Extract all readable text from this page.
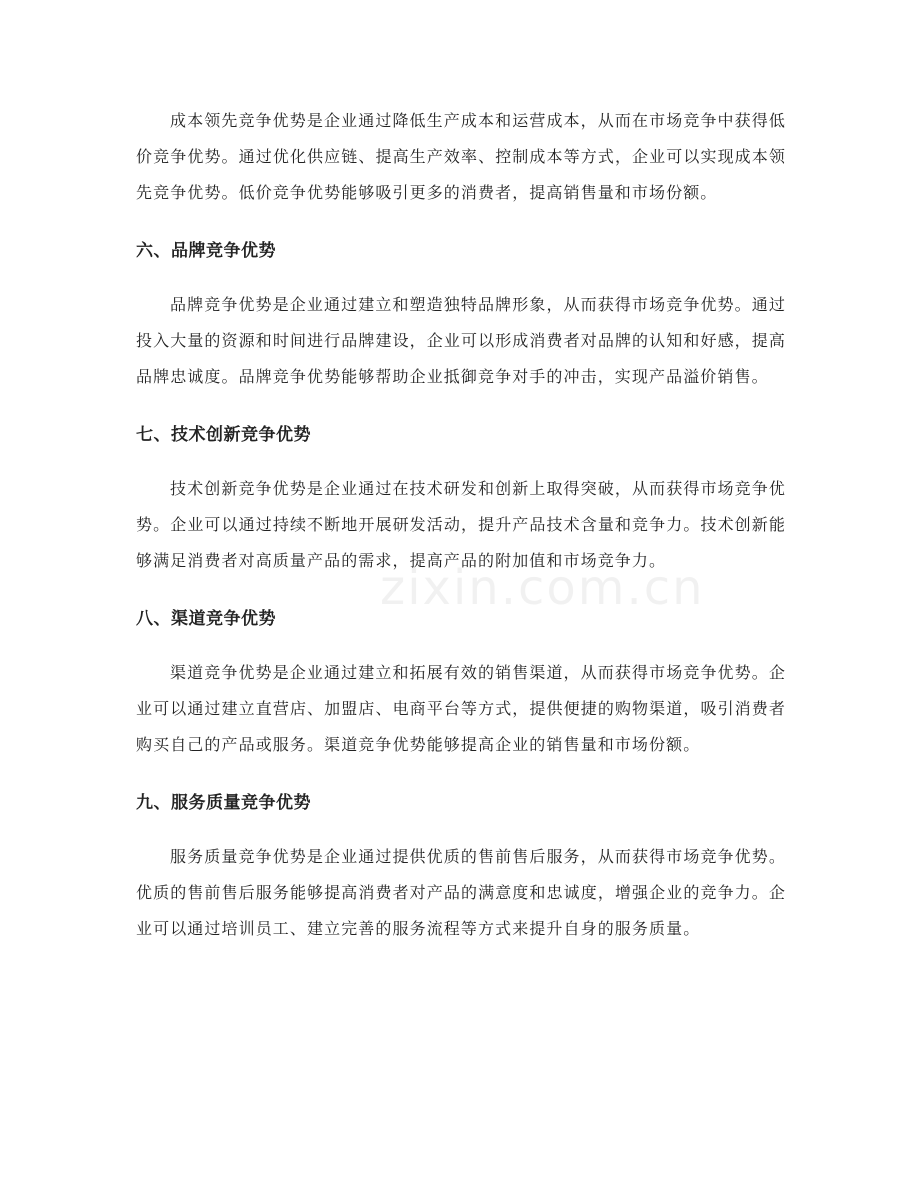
zixin.com.cn

成本领先竞争优势是企业通过降低生产成本和运营成本，从而在市场竞争中获得低价竞争优势。通过优化供应链、提高生产效率、控制成本等方式，企业可以实现成本领先竞争优势。低价竞争优势能够吸引更多的消费者，提高销售量和市场份额。

六、品牌竞争优势

品牌竞争优势是企业通过建立和塑造独特品牌形象，从而获得市场竞争优势。通过投入大量的资源和时间进行品牌建设，企业可以形成消费者对品牌的认知和好感，提高品牌忠诚度。品牌竞争优势能够帮助企业抵御竞争对手的冲击，实现产品溢价销售。

七、技术创新竞争优势

技术创新竞争优势是企业通过在技术研发和创新上取得突破，从而获得市场竞争优势。企业可以通过持续不断地开展研发活动，提升产品技术含量和竞争力。技术创新能够满足消费者对高质量产品的需求，提高产品的附加值和市场竞争力。

八、渠道竞争优势

渠道竞争优势是企业通过建立和拓展有效的销售渠道，从而获得市场竞争优势。企业可以通过建立直营店、加盟店、电商平台等方式，提供便捷的购物渠道，吸引消费者购买自己的产品或服务。渠道竞争优势能够提高企业的销售量和市场份额。

九、服务质量竞争优势

服务质量竞争优势是企业通过提供优质的售前售后服务，从而获得市场竞争优势。优质的售前售后服务能够提高消费者对产品的满意度和忠诚度，增强企业的竞争力。企业可以通过培训员工、建立完善的服务流程等方式来提升自身的服务质量。
